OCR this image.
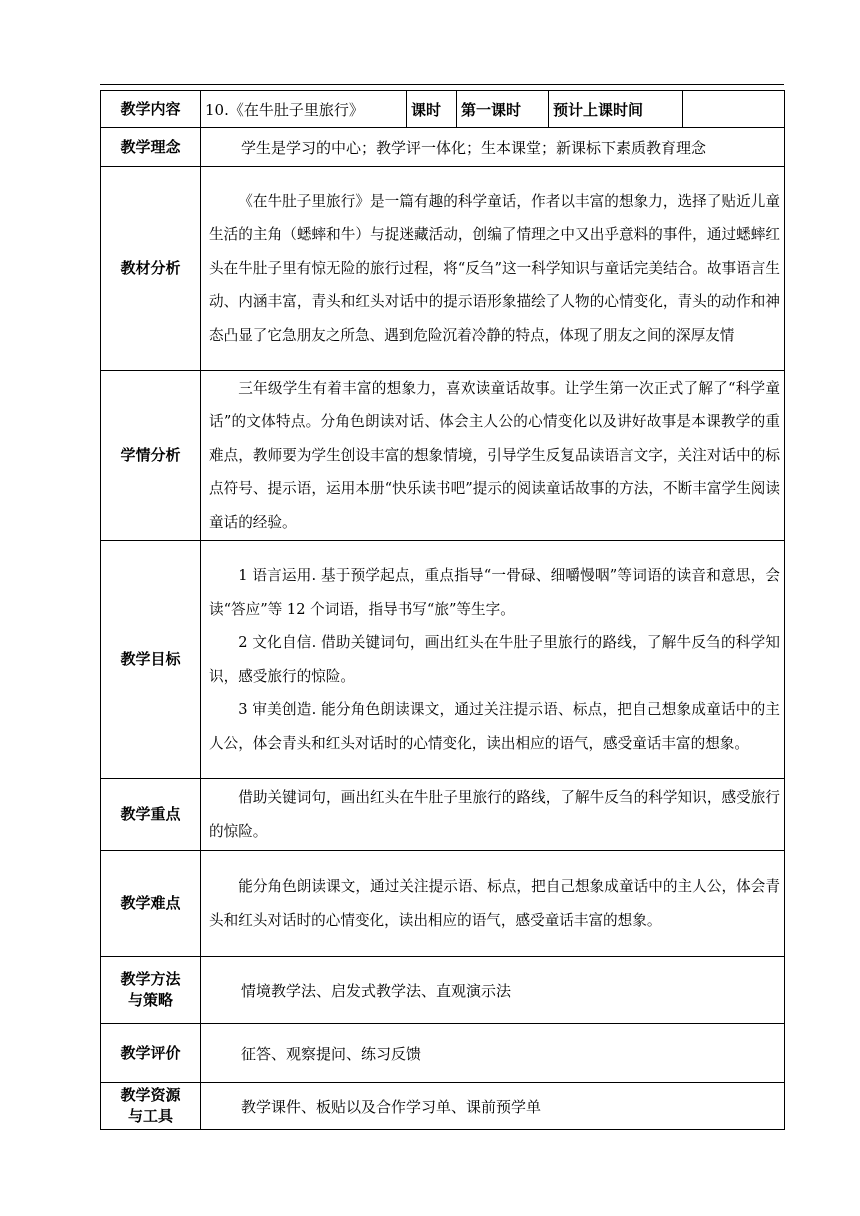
教学内容	10.《在牛肚子里旅行》	课时	第一课时	预计上课时间	
教学理念	学生是学习的中心；教学评一体化；生本课堂；新课标下素质教育理念				
教材分析	《在牛肚子里旅行》是一篇有趣的科学童话，作者以丰富的想象力，选择了贴近儿童生活的主角（蟋蟀和牛）与捉迷藏活动，创编了情理之中又出乎意料的事件，通过蟋蟀红头在牛肚子里有惊无险的旅行过程，将“反刍”这一科学知识与童话完美结合。故事语言生动、内涵丰富，青头和红头对话中的提示语形象描绘了人物的心情变化，青头的动作和神态凸显了它急朋友之所急、遇到危险沉着冷静的特点，体现了朋友之间的深厚友情				

学情分析	三年级学生有着丰富的想象力，喜欢读童话故事。让学生第一次正式了解了“科学童话”的文体特点。分角色朗读对话、体会主人公的心情变化以及讲好故事是本课教学的重难点，教师要为学生创设丰富的想象情境，引导学生反复品读语言文字，关注对话中的标点符号、提示语，运用本册“快乐读书吧”提示的阅读童话故事的方法，不断丰富学生阅读童话的经验。				

教学目标	1 语言运用. 基于预学起点，重点指导“一骨碌、细嚼慢咽”等词语的读音和意思，会读“答应”等 12 个词语，指导书写“旅”等生字。

2 文化自信. 借助关键词句，画出红头在牛肚子里旅行的路线，了解牛反刍的科学知识，感受旅行的惊险。

3 审美创造. 能分角色朗读课文，通过关注提示语、标点，把自己想象成童话中的主人公，体会青头和红头对话时的心情变化，读出相应的语气，感受童话丰富的想象。				

教学重点	借助关键词句，画出红头在牛肚子里旅行的路线，了解牛反刍的科学知识，感受旅行的惊险。				

教学难点	能分角色朗读课文，通过关注提示语、标点，把自己想象成童话中的主人公，体会青头和红头对话时的心情变化，读出相应的语气，感受童话丰富的想象。				

教学方法
与策略	情境教学法、启发式教学法、直观演示法				
教学评价	征答、观察提问、练习反馈				

教学资源
与工具	教学课件、板贴以及合作学习单、课前预学单				
